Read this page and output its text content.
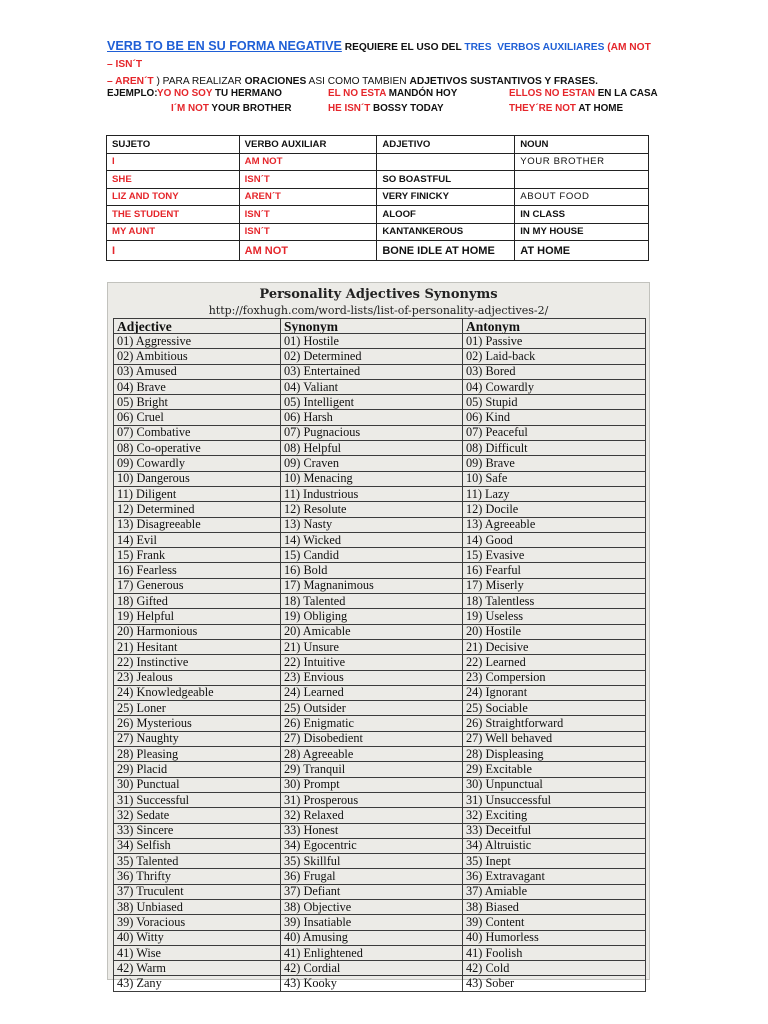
VERB TO BE EN SU FORMA NEGATIVE REQUIERE EL USO DEL TRES VERBOS AUXILIARES (AM NOT – ISN´T
– AREN´T ) PARA REALIZAR ORACIONES ASI COMO TAMBIEN ADJETIVOS SUSTANTIVOS Y FRASES.
EJEMPLO: YO NO SOY TU HERMANO
I´M NOT YOUR BROTHER
EL NO ESTA MANDÓN HOY
HE ISN´T BOSSY TODAY
ELLOS NO ESTAN EN LA CASA
THEY´RE NOT AT HOME
SUJETO	VERBO AUXILIAR	ADJETIVO	NOUN
I	AM NOT		YOUR BROTHER
SHE	ISN´T	SO BOASTFUL	
LIZ AND TONY	AREN´T	VERY FINICKY	ABOUT FOOD
THE STUDENT	ISN´T	ALOOF	IN CLASS
MY AUNT	ISN´T	KANTANKEROUS	IN MY HOUSE
I	AM NOT	BONE IDLE AT HOME	AT HOME
Personality Adjectives Synonyms
http://foxhugh.com/word-lists/list-of-personality-adjectives-2/
Adjective	Synonym	Antonym
01) Aggressive	01) Hostile	01) Passive
02) Ambitious	02) Determined	02) Laid-back
03) Amused	03) Entertained	03) Bored
04) Brave	04) Valiant	04) Cowardly
05) Bright	05) Intelligent	05) Stupid
06) Cruel	06) Harsh	06) Kind
07) Combative	07) Pugnacious	07) Peaceful
08) Co-operative	08) Helpful	08) Difficult
09) Cowardly	09) Craven	09) Brave
10) Dangerous	10) Menacing	10) Safe
11) Diligent	11) Industrious	11) Lazy
12) Determined	12) Resolute	12) Docile
13) Disagreeable	13) Nasty	13) Agreeable
14) Evil	14) Wicked	14) Good
15) Frank	15) Candid	15) Evasive
16) Fearless	16) Bold	16) Fearful
17) Generous	17) Magnanimous	17) Miserly
18) Gifted	18) Talented	18) Talentless
19) Helpful	19) Obliging	19) Useless
20) Harmonious	20) Amicable	20) Hostile
21) Hesitant	21) Unsure	21) Decisive
22) Instinctive	22) Intuitive	22) Learned
23) Jealous	23) Envious	23) Compersion
24) Knowledgeable	24) Learned	24) Ignorant
25) Loner	25) Outsider	25) Sociable
26) Mysterious	26) Enigmatic	26) Straightforward
27) Naughty	27) Disobedient	27) Well behaved
28) Pleasing	28) Agreeable	28) Displeasing
29) Placid	29) Tranquil	29) Excitable
30) Punctual	30) Prompt	30) Unpunctual
31) Successful	31) Prosperous	31) Unsuccessful
32) Sedate	32) Relaxed	32) Exciting
33) Sincere	33) Honest	33) Deceitful
34) Selfish	34) Egocentric	34) Altruistic
35) Talented	35) Skillful	35) Inept
36) Thrifty	36) Frugal	36) Extravagant
37) Truculent	37) Defiant	37) Amiable
38) Unbiased	38) Objective	38) Biased
39) Voracious	39) Insatiable	39) Content
40) Witty	40) Amusing	40) Humorless
41) Wise	41) Enlightened	41) Foolish
42) Warm	42) Cordial	42) Cold
43) Zany	43) Kooky	43) Sober
